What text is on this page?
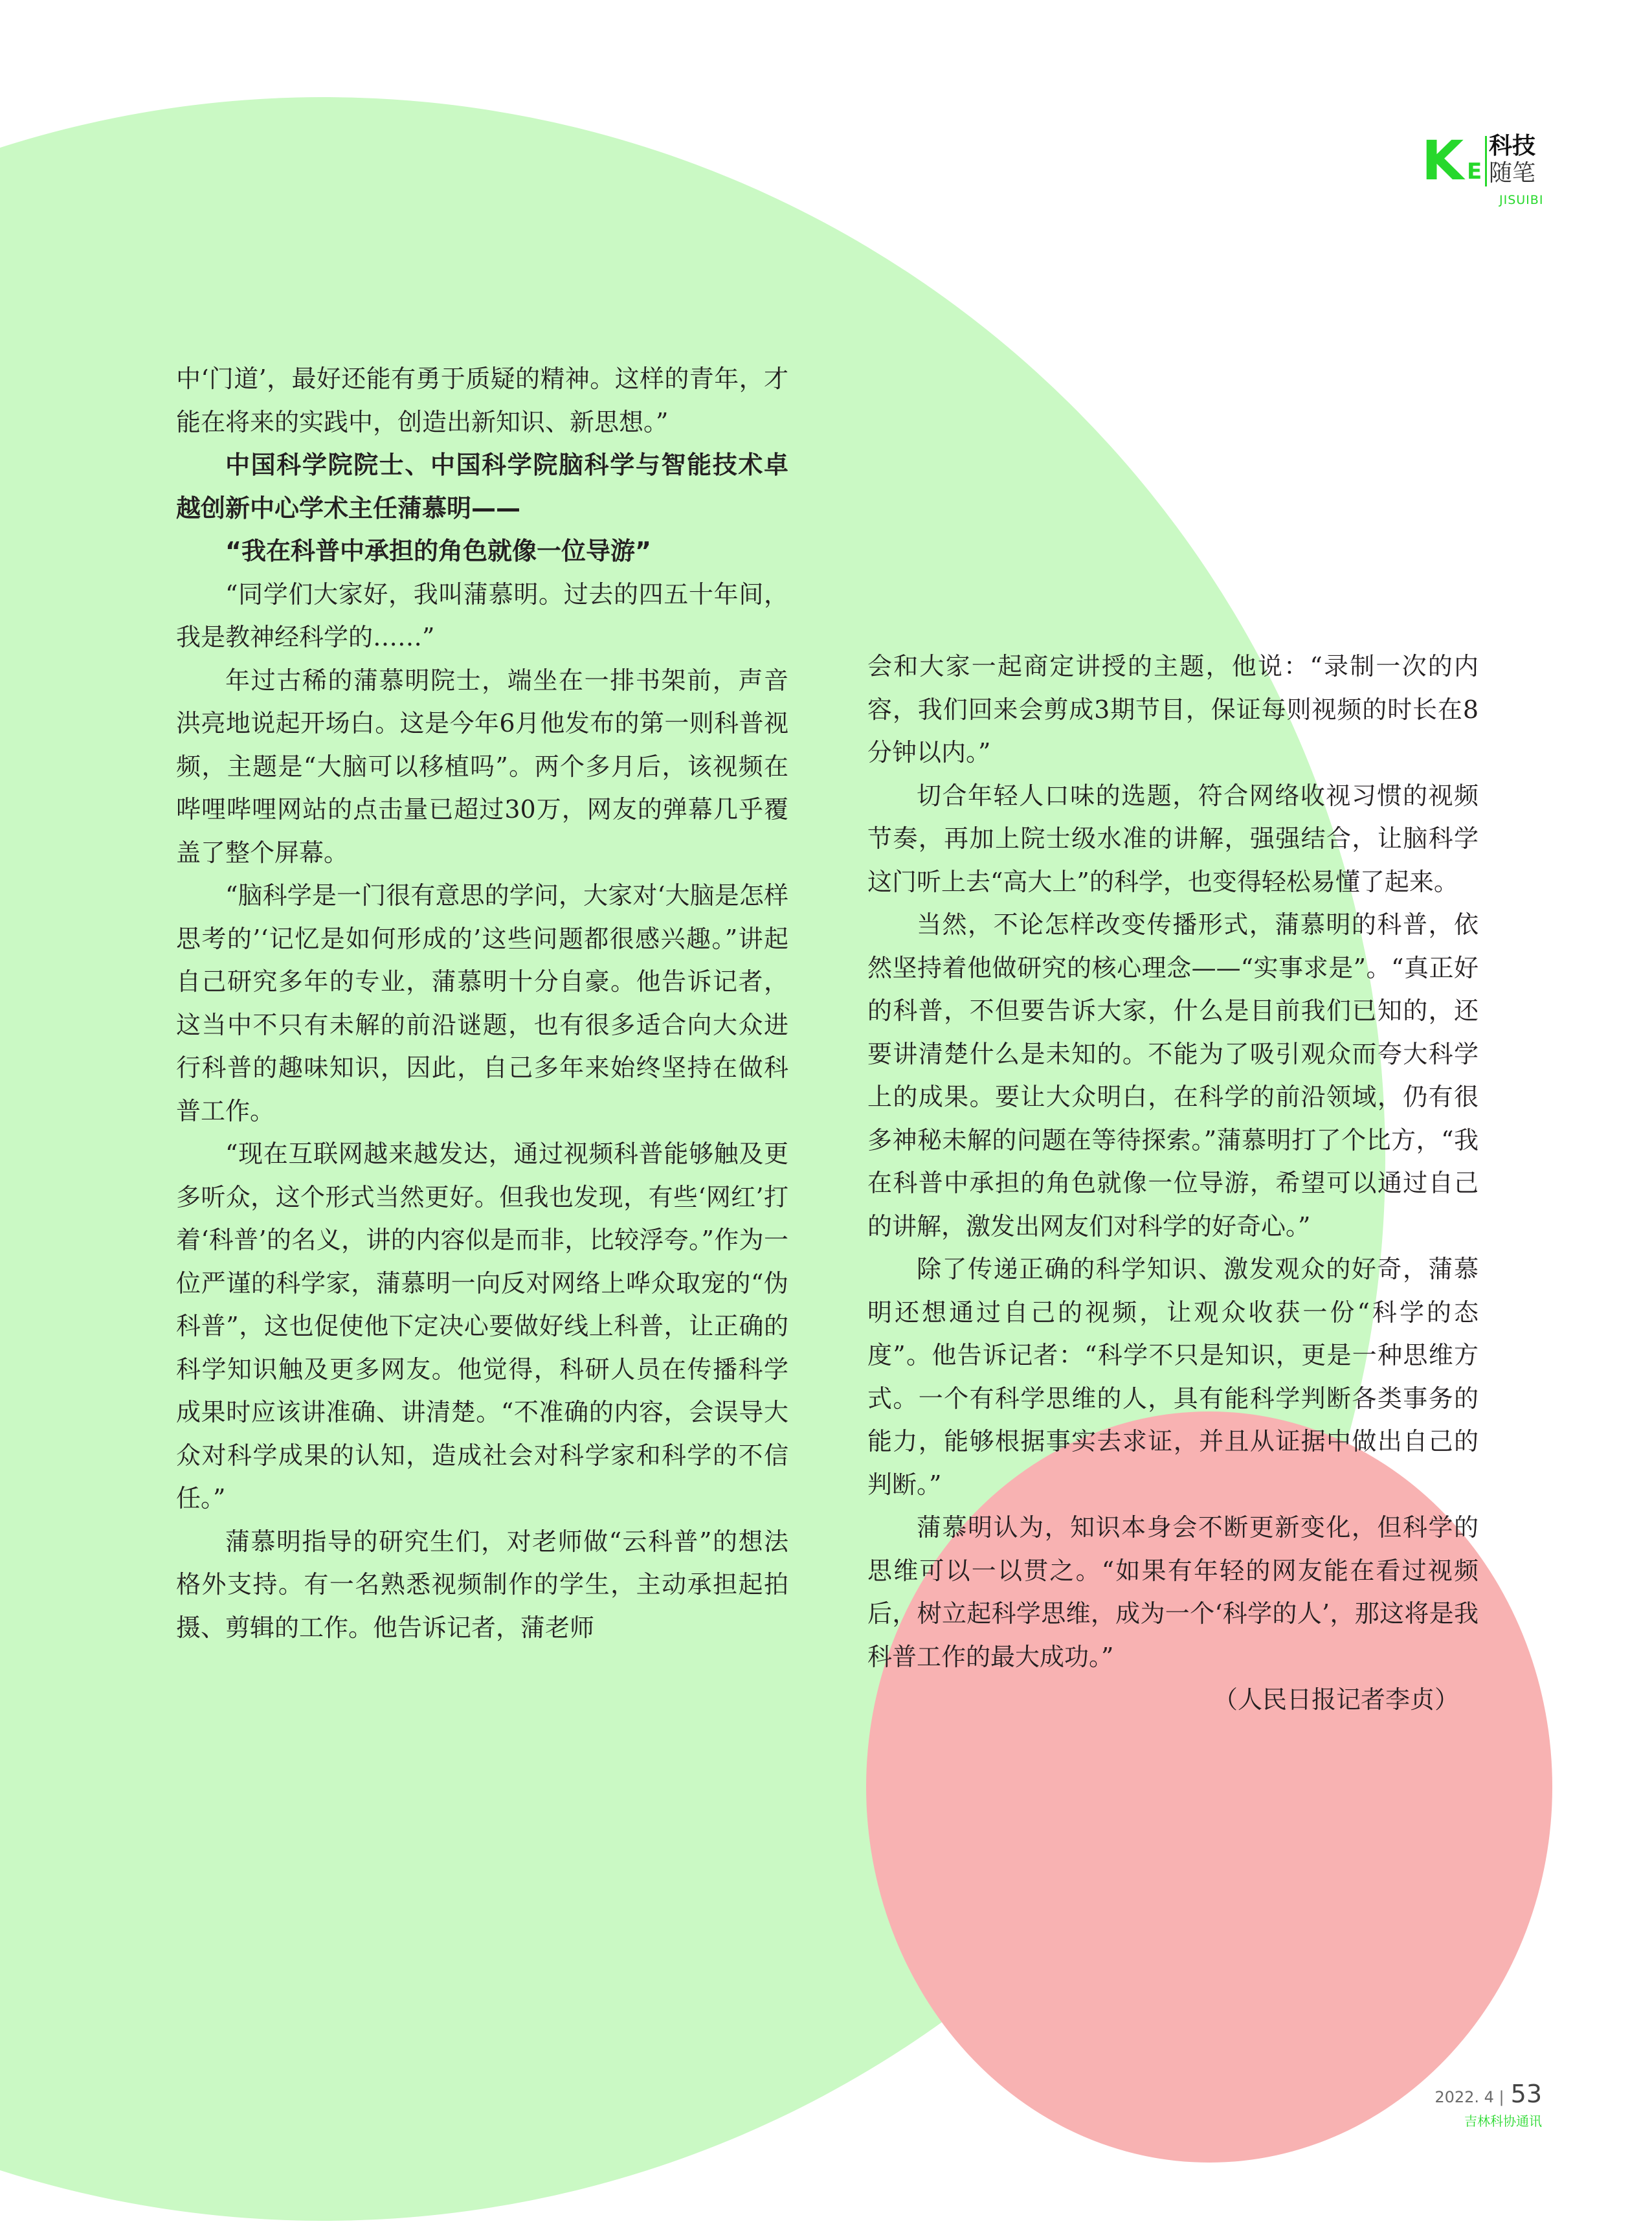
K E
科技
随笔
JISUIBI

中‘门道’，最好还能有勇于质疑的精神。这样的青年，才能在将来的实践中，创造出新知识、新思想。”

中国科学院院士、中国科学院脑科学与智能技术卓越创新中心学术主任蒲慕明——
“我在科普中承担的角色就像一位导游”

“同学们大家好，我叫蒲慕明。过去的四五十年间，我是教神经科学的……”

年过古稀的蒲慕明院士，端坐在一排书架前，声音洪亮地说起开场白。这是今年6月他发布的第一则科普视频，主题是“大脑可以移植吗”。两个多月后，该视频在哔哩哔哩网站的点击量已超过30万，网友的弹幕几乎覆盖了整个屏幕。

“脑科学是一门很有意思的学问，大家对‘大脑是怎样思考的’‘记忆是如何形成的’这些问题都很感兴趣。”讲起自己研究多年的专业，蒲慕明十分自豪。他告诉记者，这当中不只有未解的前沿谜题，也有很多适合向大众进行科普的趣味知识，因此，自己多年来始终坚持在做科普工作。

“现在互联网越来越发达，通过视频科普能够触及更多听众，这个形式当然更好。但我也发现，有些‘网红’打着‘科普’的名义，讲的内容似是而非，比较浮夸。”作为一位严谨的科学家，蒲慕明一向反对网络上哗众取宠的“伪科普”，这也促使他下定决心要做好线上科普，让正确的科学知识触及更多网友。他觉得，科研人员在传播科学成果时应该讲准确、讲清楚。“不准确的内容，会误导大众对科学成果的认知，造成社会对科学家和科学的不信任。”

蒲慕明指导的研究生们，对老师做“云科普”的想法格外支持。有一名熟悉视频制作的学生，主动承担起拍摄、剪辑的工作。他告诉记者，蒲老师

会和大家一起商定讲授的主题，他说：“录制一次的内容，我们回来会剪成3期节目，保证每则视频的时长在8分钟以内。”

切合年轻人口味的选题，符合网络收视习惯的视频节奏，再加上院士级水准的讲解，强强结合，让脑科学这门听上去“高大上”的科学，也变得轻松易懂了起来。

当然，不论怎样改变传播形式，蒲慕明的科普，依然坚持着他做研究的核心理念——“实事求是”。“真正好的科普，不但要告诉大家，什么是目前我们已知的，还要讲清楚什么是未知的。不能为了吸引观众而夸大科学上的成果。要让大众明白，在科学的前沿领域，仍有很多神秘未解的问题在等待探索。”蒲慕明打了个比方，“我在科普中承担的角色就像一位导游，希望可以通过自己的讲解，激发出网友们对科学的好奇心。”

除了传递正确的科学知识、激发观众的好奇，蒲慕明还想通过自己的视频，让观众收获一份“科学的态度”。他告诉记者：“科学不只是知识，更是一种思维方式。一个有科学思维的人，具有能科学判断各类事务的能力，能够根据事实去求证，并且从证据中做出自己的判断。”

蒲慕明认为，知识本身会不断更新变化，但科学的思维可以一以贯之。“如果有年轻的网友能在看过视频后，树立起科学思维，成为一个‘科学的人’，那这将是我科普工作的最大成功。”

（人民日报记者李贞）

2022. 4 | 53
吉林科协通讯
